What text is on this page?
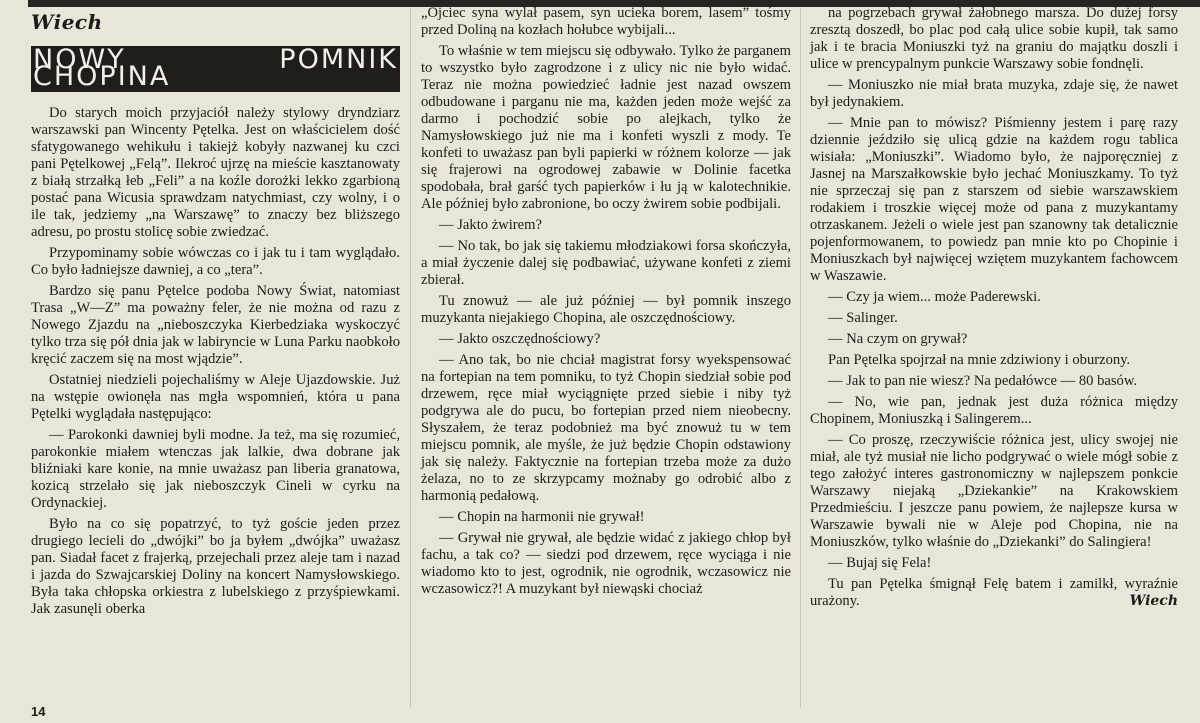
Wiech
NOWY POMNIK CHOPINA

Do starych moich przyjaciół należy stylowy dryndziarz warszawski pan Wincenty Pętelka. Jest on właścicielem dość sfatygowanego wehikułu i takiejż kobyły nazwanej ku czci pani Pętelkowej „Felą”. Ilekroć ujrzę na mieście kasztanowaty z białą strzałką łeb „Feli” a na koźle dorożki lekko zgarbioną postać pana Wicusia sprawdzam natychmiast, czy wolny, i o ile tak, jedziemy „na Warszawę” to znaczy bez bliższego adresu, po prostu stolicę sobie zwiedzać.

Przypominamy sobie wówczas co i jak tu i tam wyglądało. Co było ładniejsze dawniej, a co „tera”.

Bardzo się panu Pętelce podoba Nowy Świat, natomiast Trasa „W—Z” ma poważny feler, że nie można od razu z Nowego Zjazdu na „nieboszczyka Kierbedziaka wyskoczyć tylko trza się pół dnia jak w labiryncie w Luna Parku naobkoło kręcić zaczem się na most wjądzie”.

Ostatniej niedzieli pojechaliśmy w Aleje Ujazdowskie. Już na wstępie owionęła nas mgła wspomnień, która u pana Pętelki wyglądała następująco:

— Parokonki dawniej byli modne. Ja też, ma się rozumieć, parokonkie miałem wtenczas jak lalkie, dwa dobrane jak bliźniaki kare konie, na mnie uważasz pan liberia granatowa, kozicą strzelało się jak nieboszczyk Cineli w cyrku na Ordynackiej.

Było na co się popatrzyć, to tyż goście jeden przez drugiego lecieli do „dwójki” bo ja byłem „dwójka” uważasz pan. Siadał facet z frajerką, przejechali przez aleje tam i nazad i jazda do Szwajcarskiej Doliny na koncert Namysłowskiego. Była taka chłopska orkiestra z lubelskiego z przyśpiewkami. Jak zasunęli oberka

„Ojciec syna wylał pasem, syn ucieka borem, lasem” tośmy przed Doliną na kozłach hołubce wybijali...

To właśnie w tem miejscu się odbywało. Tylko że parganem to wszystko było zagrodzone i z ulicy nic nie było widać. Teraz nie można powiedzieć ładnie jest nazad owszem odbudowane i parganu nie ma, każden jeden może wejść za darmo i pochodzić sobie po alejkach, tylko że Namysłowskiego już nie ma i konfeti wyszli z mody. Te konfeti to uważasz pan byli papierki w różnem kolorze — jak się frajerowi na ogrodowej zabawie w Dolinie facetka spodobała, brał garść tych papierków i łu ją w kalotechnikie. Ale później było zabronione, bo oczy żwirem sobie podbijali.

— Jakto żwirem?

— No tak, bo jak się takiemu młodziakowi forsa skończyła, a miał życzenie dalej się podbawiać, używane konfeti z ziemi zbierał.

Tu znowuż — ale już później — był pomnik inszego muzykanta niejakiego Chopina, ale oszczędnościowy.

— Jakto oszczędnościowy?

— Ano tak, bo nie chciał magistrat forsy wyekspensować na fortepian na tem pomniku, to tyż Chopin siedział sobie pod drzewem, ręce miał wyciągnięte przed siebie i niby tyż podgrywa ale do pucu, bo fortepian przed niem nieobecny. Słyszałem, że teraz podobnież ma być znowuż tu w tem miejscu pomnik, ale myśle, że już będzie Chopin odstawiony jak się należy. Faktycznie na fortepian trzeba może za dużo żelaza, no to ze skrzypcamy możnaby go odrobić albo z harmonią pedałową.

— Chopin na harmonii nie grywał!

— Grywał nie grywał, ale będzie widać z jakiego chłop był fachu, a tak co? — siedzi pod drzewem, ręce wyciąga i nie wiadomo kto to jest, ogrodnik, nie ogrodnik, wczasowicz nie wczasowicz?! A muzykant był niewąski chociaż

na pogrzebach grywał żałobnego marsza. Do dużej forsy zresztą doszedł, bo plac pod całą ulice sobie kupił, tak samo jak i te bracia Moniuszki tyż na graniu do majątku doszli i ulice w prencypalnym punkcie Warszawy sobie fondnęli.

— Moniuszko nie miał brata muzyka, zdaje się, że nawet był jedynakiem.

— Mnie pan to mówisz? Piśmienny jestem i parę razy dziennie jeździło się ulicą gdzie na każdem rogu tablica wisiała: „Moniuszki”. Wiadomo było, że najporęczniej z Jasnej na Marszałkowskie było jechać Moniuszkamy. To tyż nie sprzeczaj się pan z starszem od siebie warszawskiem rodakiem i troszkie więcej może od pana z muzykantamy otrzaskanem. Jeżeli o wiele jest pan szanowny tak detalicznie pojenformowanem, to powiedz pan mnie kto po Chopinie i Moniuszkach był najwięcej wziętem muzykantem fachowcem w Waszawie.

— Czy ja wiem... może Paderewski.

— Salinger.

— Na czym on grywał?

Pan Pętelka spojrzał na mnie zdziwiony i oburzony.

— Jak to pan nie wiesz? Na pedałówce — 80 basów.

— No, wie pan, jednak jest duża różnica między Chopinem, Moniuszką i Salingerem...

— Co proszę, rzeczywiście różnica jest, ulicy swojej nie miał, ale tyż musiał nie licho podgrywać o wiele mógł sobie z tego założyć interes gastronomiczny w najlepszem ponkcie Warszawy niejaką „Dziekankie” na Krakowskiem Przedmieściu. I jeszcze panu powiem, że najlepsze kursa w Warszawie bywali nie w Aleje pod Chopina, nie na Moniuszków, tylko właśnie do „Dziekanki” do Salingiera!

— Bujaj się Fela!

Tu pan Pętelka śmignął Felę batem i zamilkł, wyraźnie urażony.	Wiech

14
